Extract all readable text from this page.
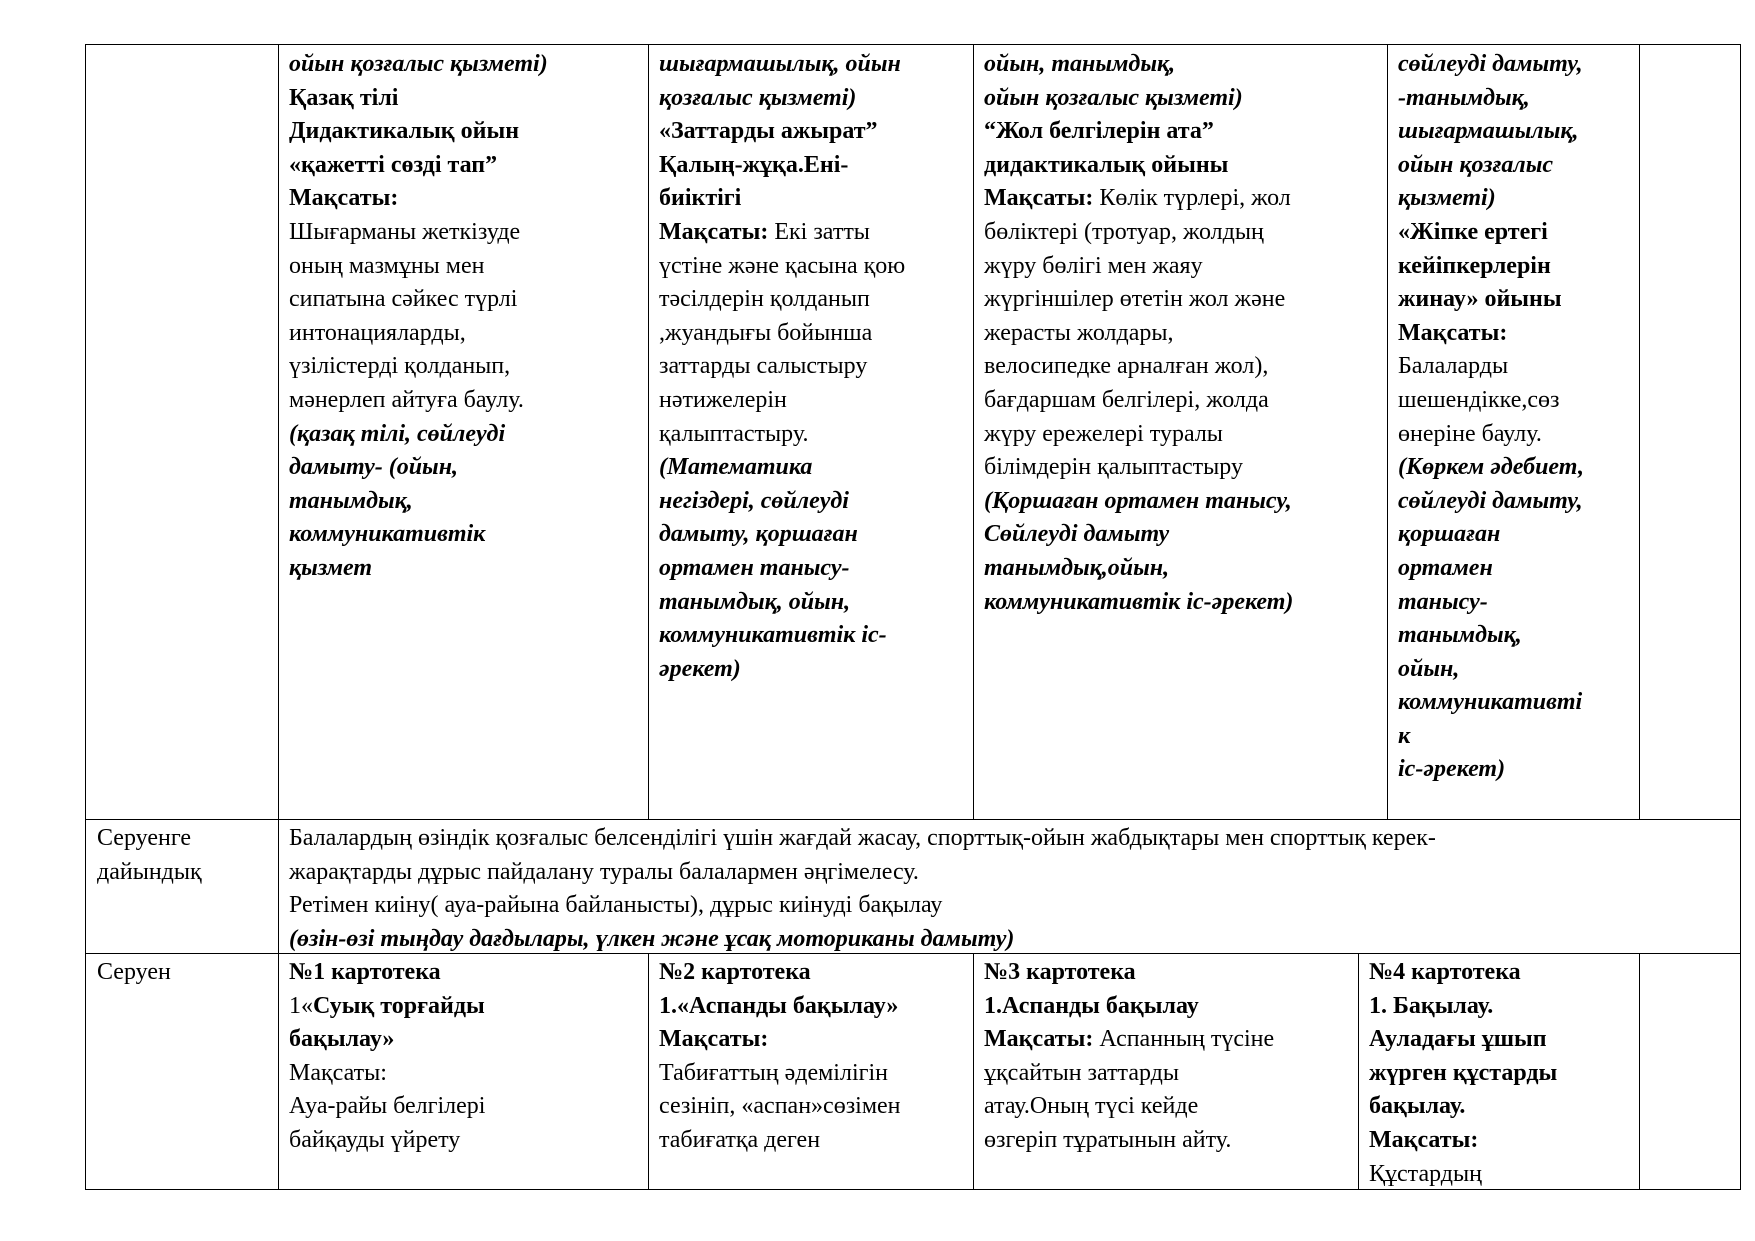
ойын қозғалыс қызметі)
Қазақ тілі
Дидактикалық ойын
«қажетті сөзді тап”
Мақсаты:
Шығарманы жеткізуде
оның мазмұны мен
сипатына сәйкес түрлі
интонацияларды,
үзілістерді қолданып,
мәнерлеп айтуға баулу.
(қазақ тілі, сөйлеуді
дамыту- (ойын,
танымдық,
коммуникативтік
қызмет
шығармашылық, ойын
қозғалыс қызметі)
«Заттарды ажырат”
Қалың-жұқа.Ені-
биіктігі
Мақсаты: Екі затты
үстіне және қасына қою
тәсілдерін қолданып
,жуандығы бойынша
заттарды салыстыру
нәтижелерін
қалыптастыру.
(Математика
негіздері, сөйлеуді
дамыту, қоршаған
ортамен танысу-
танымдық, ойын,
коммуникативтік іс-
әрекет)
ойын, танымдық,
ойын қозғалыс қызметі)
“Жол белгілерін ата”
дидактикалық ойыны
Мақсаты: Көлік түрлері, жол
бөліктері (тротуар, жолдың
жүру бөлігі мен жаяу
жүргіншілер өтетін жол және
жерасты жолдары,
велосипедке арналған жол),
бағдаршам белгілері, жолда
жүру ережелері туралы
білімдерін қалыптастыру
(Қоршаған ортамен танысу,
Сөйлеуді дамыту
танымдық,ойын,
коммуникативтік іс-әрекет)
сөйлеуді дамыту,
-танымдық,
шығармашылық,
ойын қозғалыс
қызметі)
«Жіпке ертегі
кейіпкерлерін
жинау» ойыны
Мақсаты:
Балаларды
шешендікке,сөз
өнеріне баулу.
(Көркем әдебиет,
сөйлеуді дамыту,
қоршаған
ортамен
танысу-
танымдық,
ойын,
коммуникативті
к
іс-әрекет)
Серуенге
дайындық
Балалардың өзіндік қозғалыс белсенділігі үшін жағдай жасау, спорттық-ойын жабдықтары мен спорттық керек-
жарақтарды дұрыс пайдалану туралы балалармен әңгімелесу.
Ретімен киіну( ауа-райына байланысты), дұрыс киінуді бақылау
(өзін-өзі тыңдау дағдылары, үлкен және ұсақ моториканы дамыту)
Серуен	№1 картотека
1«Суық торғайды
бақылау»
Мақсаты:
Ауа-райы белгілері
байқауды үйрету
№2 картотека
1.«Аспанды бақылау»
Мақсаты:
Табиғаттың әдемілігін
сезініп, «аспан»сөзімен
табиғатқа деген
№3 картотека
1.Аспанды бақылау
Мақсаты: Аспанның түсіне
ұқсайтын заттарды
атау.Оның түсі кейде
өзгеріп тұратынын айту.
№4 картотека
1. Бақылау.
Ауладағы ұшып
жүрген құстарды
бақылау.
Мақсаты:
Құстардың
